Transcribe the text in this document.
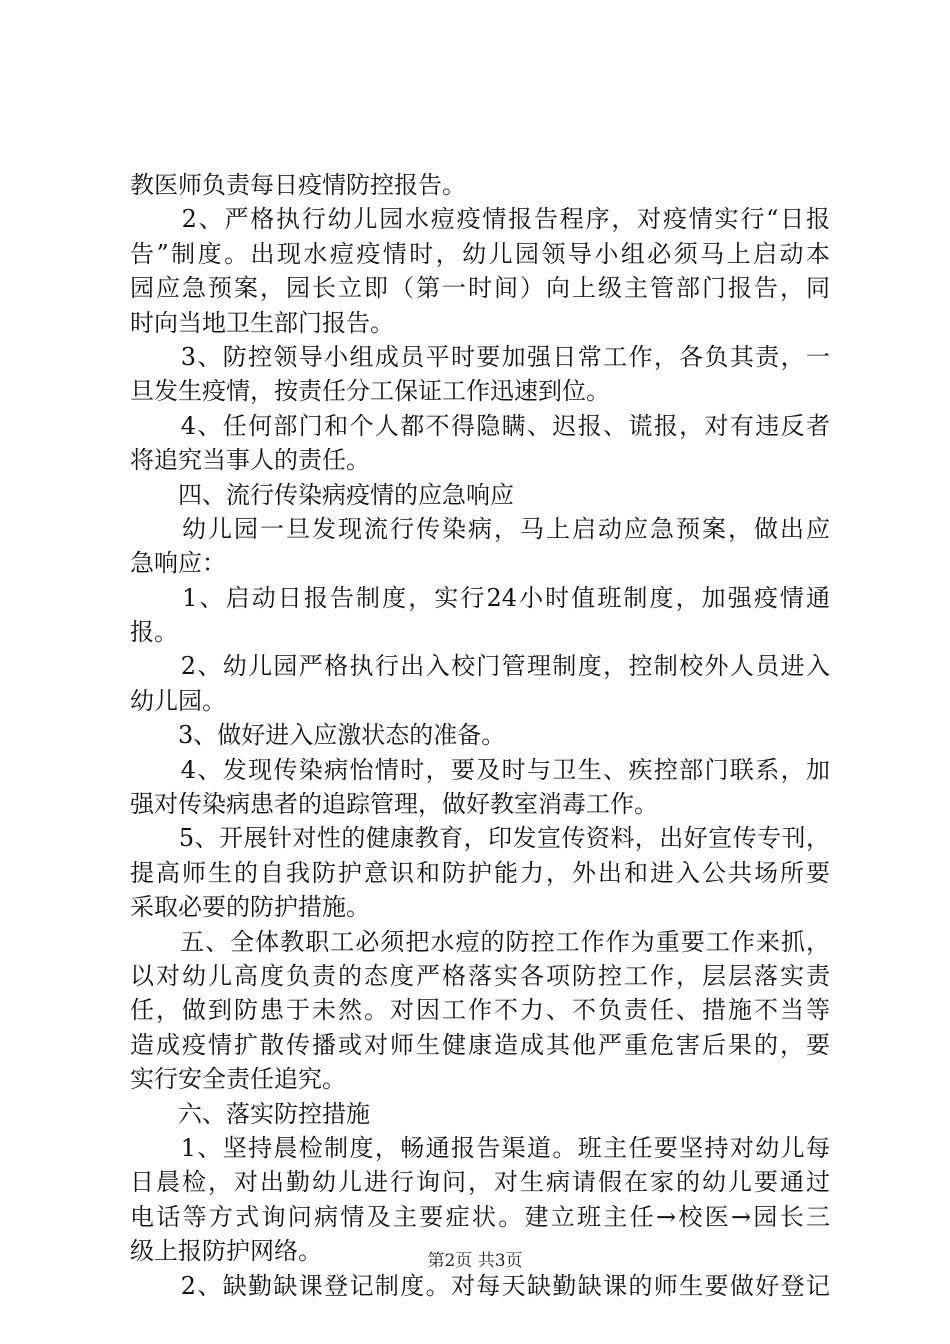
教医师负责每日疫情防控报告。
　　2、严格执行幼儿园水痘疫情报告程序，对疫情实行“日报
告”制度。出现水痘疫情时，幼儿园领导小组必须马上启动本
园应急预案，园长立即（第一时间）向上级主管部门报告，同
时向当地卫生部门报告。
　　3、防控领导小组成员平时要加强日常工作，各负其责，一
旦发生疫情，按责任分工保证工作迅速到位。
　　4、任何部门和个人都不得隐瞒、迟报、谎报，对有违反者
将追究当事人的责任。
　　四、流行传染病疫情的应急响应
　　幼儿园一旦发现流行传染病，马上启动应急预案，做出应
急响应：
　　1、启动日报告制度，实行24小时值班制度，加强疫情通
报。
　　2、幼儿园严格执行出入校门管理制度，控制校外人员进入
幼儿园。
　　3、做好进入应激状态的准备。
　　4、发现传染病怡情时，要及时与卫生、疾控部门联系，加
强对传染病患者的追踪管理，做好教室消毒工作。
　　5、开展针对性的健康教育，印发宣传资料，出好宣传专刊，
提高师生的自我防护意识和防护能力，外出和进入公共场所要
采取必要的防护措施。
　　五、全体教职工必须把水痘的防控工作作为重要工作来抓，
以对幼儿高度负责的态度严格落实各项防控工作，层层落实责
任，做到防患于未然。对因工作不力、不负责任、措施不当等
造成疫情扩散传播或对师生健康造成其他严重危害后果的，要
实行安全责任追究。
　　六、落实防控措施
　　1、坚持晨检制度，畅通报告渠道。班主任要坚持对幼儿每
日晨检，对出勤幼儿进行询问，对生病请假在家的幼儿要通过
电话等方式询问病情及主要症状。建立班主任→校医→园长三
级上报防护网络。
　　2、缺勤缺课登记制度。对每天缺勤缺课的师生要做好登记
第2页 共3页
